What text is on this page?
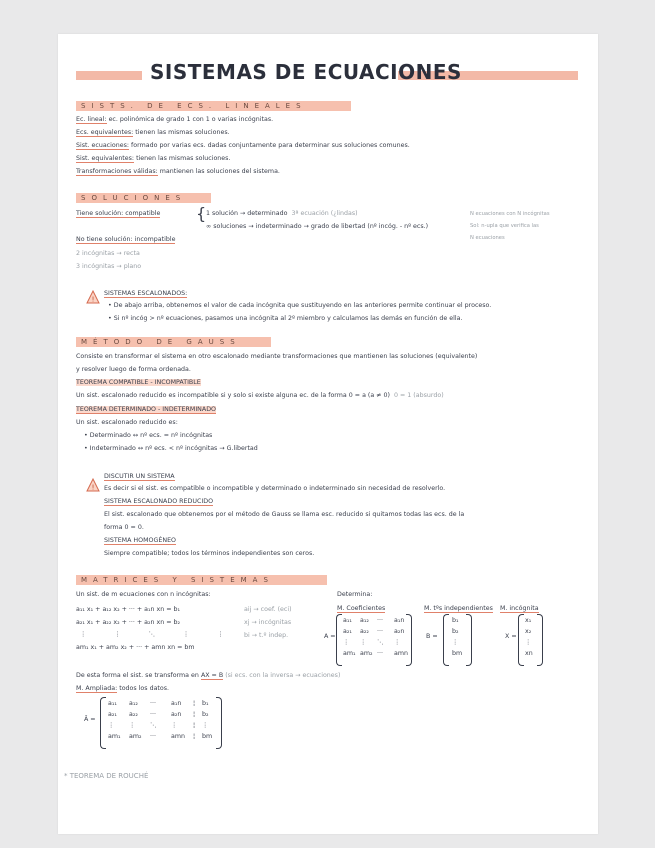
SISTEMAS DE ECUACIONES
SISTS. DE ECS. LINEALES
Ec. lineal: ec. polinómica de grado 1 con 1 o varias incógnitas.
Ecs. equivalentes: tienen las mismas soluciones.
Sist. ecuaciones: formado por varias ecs. dadas conjuntamente para determinar sus soluciones comunes.
Sist. equivalentes: tienen las mismas soluciones.
Transformaciones válidas: mantienen las soluciones del sistema.
SOLUCIONES
Tiene solución: compatible { 1 solución → determinado 3ª ecuación (¿lindas)
∞ soluciones → indeterminado → grado de libertad (nº incóg. - nº ecs.)
N ecuaciones con N incógnitas
Sol: n-upla que verifica las
N ecuaciones
No tiene solución: incompatible
2 incógnitas → recta
3 incógnitas → plano
!
SISTEMAS ESCALONADOS:
• De abajo arriba, obtenemos el valor de cada incógnita que sustituyendo en las anteriores permite continuar el proceso.
• Si nº incóg > nº ecuaciones, pasamos una incógnita al 2º miembro y calculamos las demás en función de ella.
MÉTODO DE GAUSS
Consiste en transformar el sistema en otro escalonado mediante transformaciones que mantienen las soluciones (equivalente)
y resolver luego de forma ordenada.
TEOREMA COMPATIBLE - INCOMPATIBLE
Un sist. escalonado reducido es incompatible si y solo si existe alguna ec. de la forma 0 = a (a ≠ 0) 0 = 1 (absurdo)
TEOREMA DETERMINADO - INDETERMINADO
Un sist. escalonado reducido es:
• Determinado ↔ nº ecs. = nº incógnitas
• Indeterminado ↔ nº ecs. < nº incógnitas → G.libertad
!
DISCUTIR UN SISTEMA
Es decir si el sist. es compatible o incompatible y determinado o indeterminado sin necesidad de resolverlo.
SISTEMA ESCALONADO REDUCIDO
El sist. escalonado que obtenemos por el método de Gauss se llama esc. reducido si quitamos todas las ecs. de la
forma 0 = 0.
SISTEMA HOMOGÉNEO
Siempre compatible; todos los términos independientes son ceros.
MATRICES Y SISTEMAS
Un sist. de m ecuaciones con n incógnitas:
a₁₁ x₁ + a₁₂ x₂ + ··· + a₁n xn = b₁
a₂₁ x₁ + a₂₂ x₂ + ··· + a₂n xn = b₂
⋮⋮⋱⋮⋮
am₁ x₁ + am₂ x₂ + ··· + amn xn = bm
aij → coef. (eci)
xj → incógnitas
bi → t.º indep.
Determina:
M. Coeficientes	M. tºs independientes M. incógnita
A =
a₁₁ a₁₂ ··· a₁n
a₂₁ a₂₂ ··· a₂n
⋮ ⋮ ⋱ ⋮
am₁ am₂ ··· amn
B =
b₁
b₂
⋮
bm
X =
x₁
x₂
⋮
xn
De esta forma el sist. se transforma en AX = B (si ecs. con la inversa → ecuaciones)
M. Ampliada: todos los datos.
Ā =
a₁₁ a₁₂ ··· a₁n ¦ b₁
a₂₁ a₂₂ ··· a₂n ¦ b₂
⋮ ⋮ ⋱ ⋮ ¦ ⋮
am₁ am₂ ··· amn ¦ bm
* TEOREMA DE ROUCHÉ
